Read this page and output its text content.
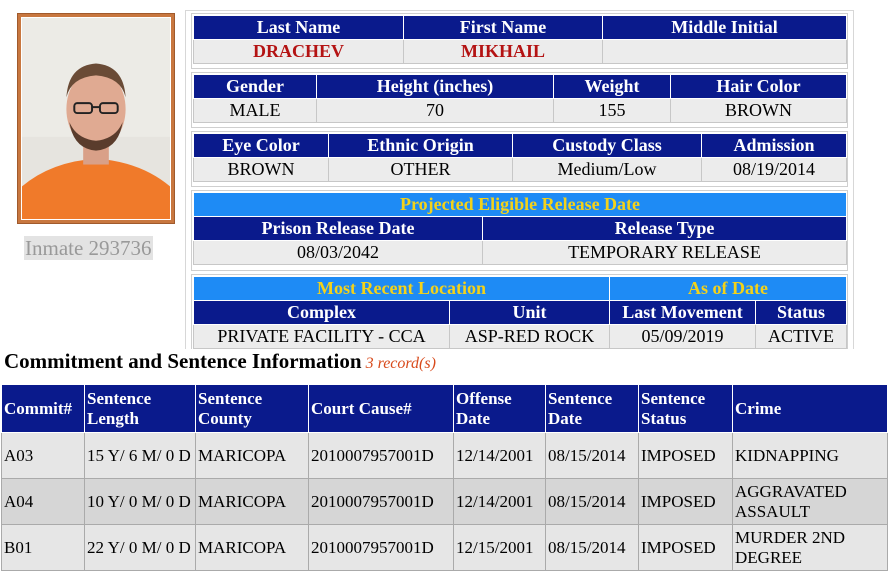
Inmate 293736
Last Name	First Name	Middle Initial
DRACHEV	MIKHAIL	
Gender	Height (inches)	Weight	Hair Color
MALE	70	155	BROWN
Eye Color	Ethnic Origin	Custody Class	Admission
BROWN	OTHER	Medium/Low	08/19/2014
Projected Eligible Release Date	
Prison Release Date	Release Type
08/03/2042	TEMPORARY RELEASE
Most Recent Location		As of Date	
Complex	Unit	Last Movement	Status
PRIVATE FACILITY - CCA	ASP-RED ROCK	05/09/2019	ACTIVE
Commitment and Sentence Information 3 record(s)
Commit#	Sentence Length	Sentence County	Court Cause#	Offense Date	Sentence Date	Sentence Status	Crime
A03	15 Y/ 6 M/ 0 D	MARICOPA	2010007957001D	12/14/2001	08/15/2014	IMPOSED	KIDNAPPING
A04	10 Y/ 0 M/ 0 D	MARICOPA	2010007957001D	12/14/2001	08/15/2014	IMPOSED	AGGRAVATED ASSAULT
B01	22 Y/ 0 M/ 0 D	MARICOPA	2010007957001D	12/15/2001	08/15/2014	IMPOSED	MURDER 2ND DEGREE
